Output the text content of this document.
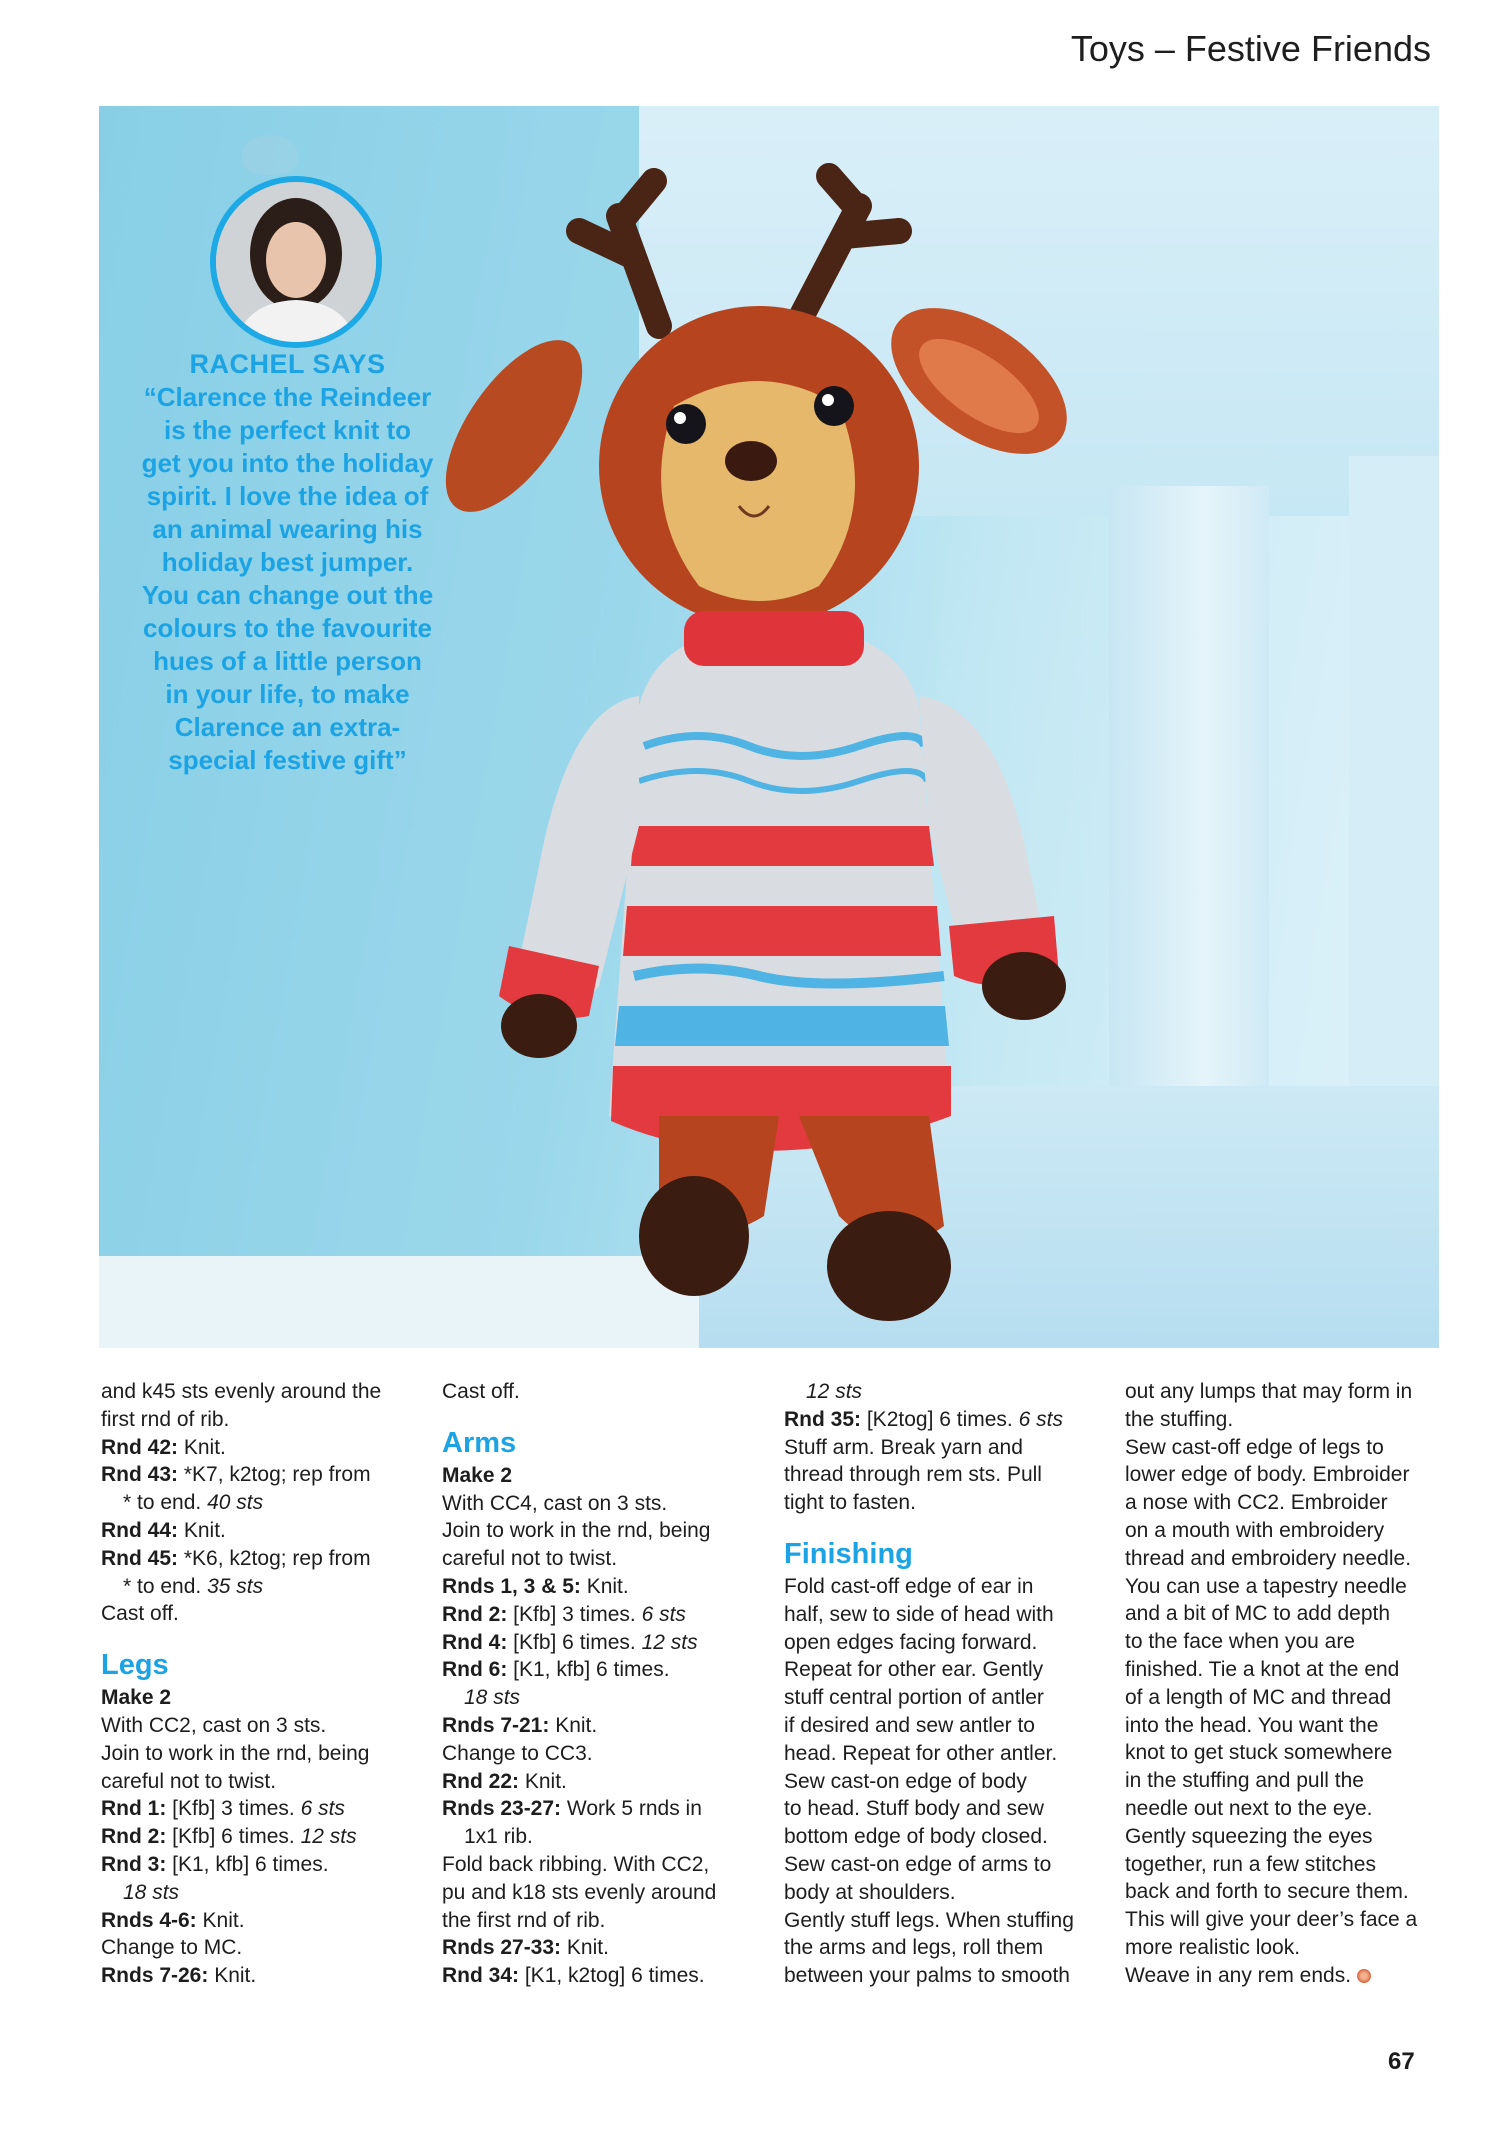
Toys – Festive Friends
RACHEL SAYS
“Clarence the Reindeer
is the perfect knit to
get you into the holiday
spirit. I love the idea of
an animal wearing his
holiday best jumper.
You can change out the
colours to the favourite
hues of a little person
in your life, to make
Clarence an extra-
special festive gift”

and k45 sts evenly around the

first rnd of rib.

Rnd 42: Knit.

Rnd 43: *K7, k2tog; rep from

* to end. 40 sts

Rnd 44: Knit.

Rnd 45: *K6, k2tog; rep from

* to end. 35 sts

Cast off.

Legs

Make 2

With CC2, cast on 3 sts.

Join to work in the rnd, being

careful not to twist.

Rnd 1: [Kfb] 3 times. 6 sts

Rnd 2: [Kfb] 6 times. 12 sts

Rnd 3: [K1, kfb] 6 times.

18 sts

Rnds 4-6: Knit.

Change to MC.

Rnds 7-26: Knit.

Cast off.

Arms

Make 2

With CC4, cast on 3 sts.

Join to work in the rnd, being

careful not to twist.

Rnds 1, 3 & 5: Knit.

Rnd 2: [Kfb] 3 times. 6 sts

Rnd 4: [Kfb] 6 times. 12 sts

Rnd 6: [K1, kfb] 6 times.

18 sts

Rnds 7-21: Knit.

Change to CC3.

Rnd 22: Knit.

Rnds 23-27: Work 5 rnds in

1x1 rib.

Fold back ribbing. With CC2,

pu and k18 sts evenly around

the first rnd of rib.

Rnds 27-33: Knit.

Rnd 34: [K1, k2tog] 6 times.

12 sts

Rnd 35: [K2tog] 6 times. 6 sts

Stuff arm. Break yarn and

thread through rem sts. Pull

tight to fasten.

Finishing

Fold cast-off edge of ear in

half, sew to side of head with

open edges facing forward.

Repeat for other ear. Gently

stuff central portion of antler

if desired and sew antler to

head. Repeat for other antler.

Sew cast-on edge of body

to head. Stuff body and sew

bottom edge of body closed.

Sew cast-on edge of arms to

body at shoulders.

Gently stuff legs. When stuffing

the arms and legs, roll them

between your palms to smooth

out any lumps that may form in

the stuffing.

Sew cast-off edge of legs to

lower edge of body. Embroider

a nose with CC2. Embroider

on a mouth with embroidery

thread and embroidery needle.

You can use a tapestry needle

and a bit of MC to add depth

to the face when you are

finished. Tie a knot at the end

of a length of MC and thread

into the head. You want the

knot to get stuck somewhere

in the stuffing and pull the

needle out next to the eye.

Gently squeezing the eyes

together, run a few stitches

back and forth to secure them.

This will give your deer’s face a

more realistic look.

Weave in any rem ends.

67
